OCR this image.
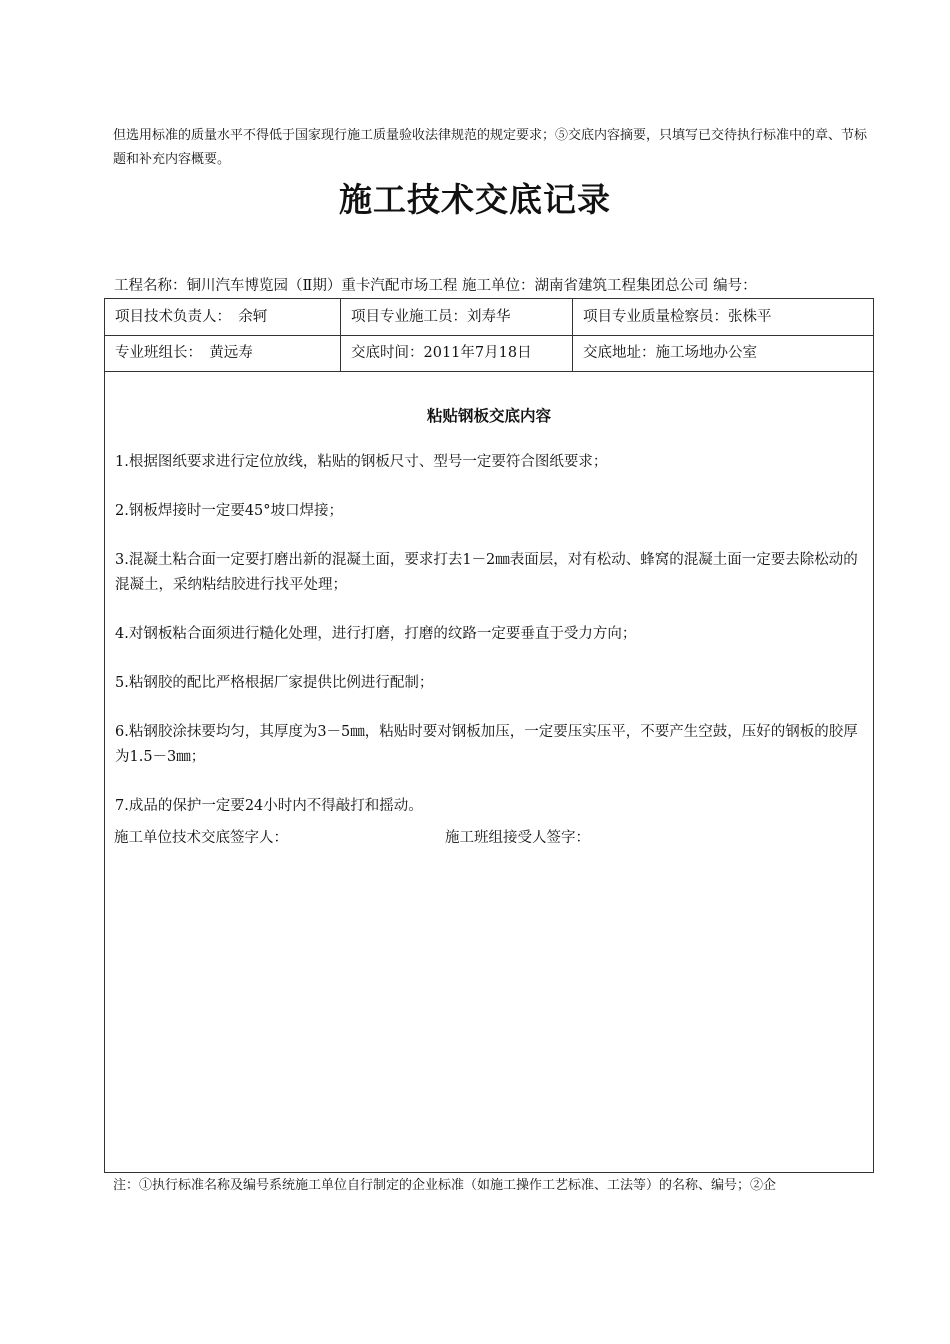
但选用标准的质量水平不得低于国家现行施工质量验收法律规范的规定要求；⑤交底内容摘要，只填写已交待执行标准中的章、节标题和补充内容概要。
施工技术交底记录
工程名称：铜川汽车博览园（Ⅱ期）重卡汽配市场工程 施工单位：湖南省建筑工程集团总公司 编号：
项目技术负责人：　余轲	项目专业施工员：刘寿华	项目专业质量检察员：张株平
专业班组长：　黄远寿	交底时间：2011年7月18日	交底地址：施工场地办公室
粘贴钢板交底内容
1.根据图纸要求进行定位放线，粘贴的钢板尺寸、型号一定要符合图纸要求；
2.钢板焊接时一定要45°坡口焊接；
3.混凝土粘合面一定要打磨出新的混凝土面，要求打去1－2㎜表面层，对有松动、蜂窝的混凝土面一定要去除松动的混凝土，采纳粘结胶进行找平处理；
4.对钢板粘合面须进行糙化处理，进行打磨，打磨的纹路一定要垂直于受力方向；
5.粘钢胶的配比严格根据厂家提供比例进行配制；
6.粘钢胶涂抹要均匀，其厚度为3－5㎜，粘贴时要对钢板加压，一定要压实压平，不要产生空鼓，压好的钢板的胶厚为1.5－3㎜；
7.成品的保护一定要24小时内不得敲打和摇动。
施工单位技术交底签字人：	施工班组接受人签字：
注：①执行标准名称及编号系统施工单位自行制定的企业标准（如施工操作工艺标准、工法等）的名称、编号；②企
